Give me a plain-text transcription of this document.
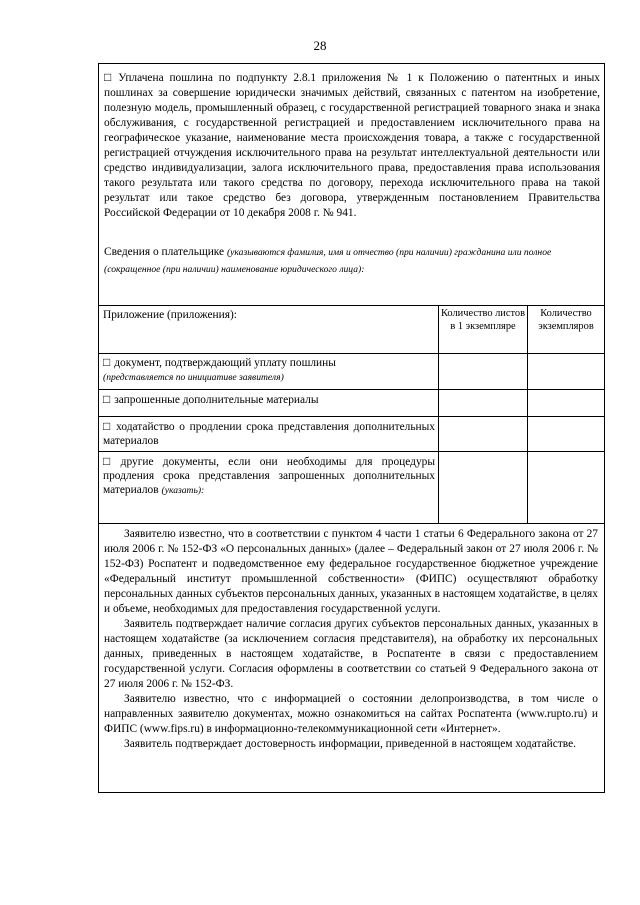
28
□ Уплачена пошлина по подпункту 2.8.1 приложения № 1 к Положению о патентных и иных пошлинах за совершение юридически значимых действий, связанных с патентом на изобретение, полезную модель, промышленный образец, с государственной регистрацией товарного знака и знака обслуживания, с государственной регистрацией и предоставлением исключительного права на географическое указание, наименование места происхождения товара, а также с государственной регистрацией отчуждения исключительного права на результат интеллектуальной деятельности или средство индивидуализации, залога исключительного права, предоставления права использования такого результата или такого средства по договору, перехода исключительного права на такой результат или такое средство без договора, утвержденным постановлением Правительства Российской Федерации от 10 декабря 2008 г. № 941.
Сведения о плательщике (указываются фамилия, имя и отчество (при наличии) гражданина или полное (сокращенное (при наличии) наименование юридического лица):
Приложение (приложения):	Количество листов в 1 экземпляре
Количество экземпляров
□ документ, подтверждающий уплату пошлины
(представляется по инициативе заявителя)
□ запрошенные дополнительные материалы
□ ходатайство о продлении срока представления дополнительных материалов
□ другие документы, если они необходимы для процедуры продления срока представления запрошенных дополнительных материалов (указать):

Заявителю известно, что в соответствии с пунктом 4 части 1 статьи 6 Федерального закона от 27 июля 2006 г. № 152-ФЗ «О персональных данных» (далее – Федеральный закон от 27 июля 2006 г. № 152-ФЗ) Роспатент и подведомственное ему федеральное государственное бюджетное учреждение «Федеральный институт промышленной собственности» (ФИПС) осуществляют обработку персональных данных субъектов персональных данных, указанных в настоящем ходатайстве, в целях и объеме, необходимых для предоставления государственной услуги.

Заявитель подтверждает наличие согласия других субъектов персональных данных, указанных в настоящем ходатайстве (за исключением согласия представителя), на обработку их персональных данных, приведенных в настоящем ходатайстве, в Роспатенте в связи с предоставлением государственной услуги. Согласия оформлены в соответствии со статьей 9 Федерального закона от 27 июля 2006 г. № 152-ФЗ.

Заявителю известно, что с информацией о состоянии делопроизводства, в том числе о направленных заявителю документах, можно ознакомиться на сайтах Роспатента (www.rupto.ru) и ФИПС (www.fips.ru) в информационно-телекоммуникационной сети «Интернет».

Заявитель подтверждает достоверность информации, приведенной в настоящем ходатайстве.
